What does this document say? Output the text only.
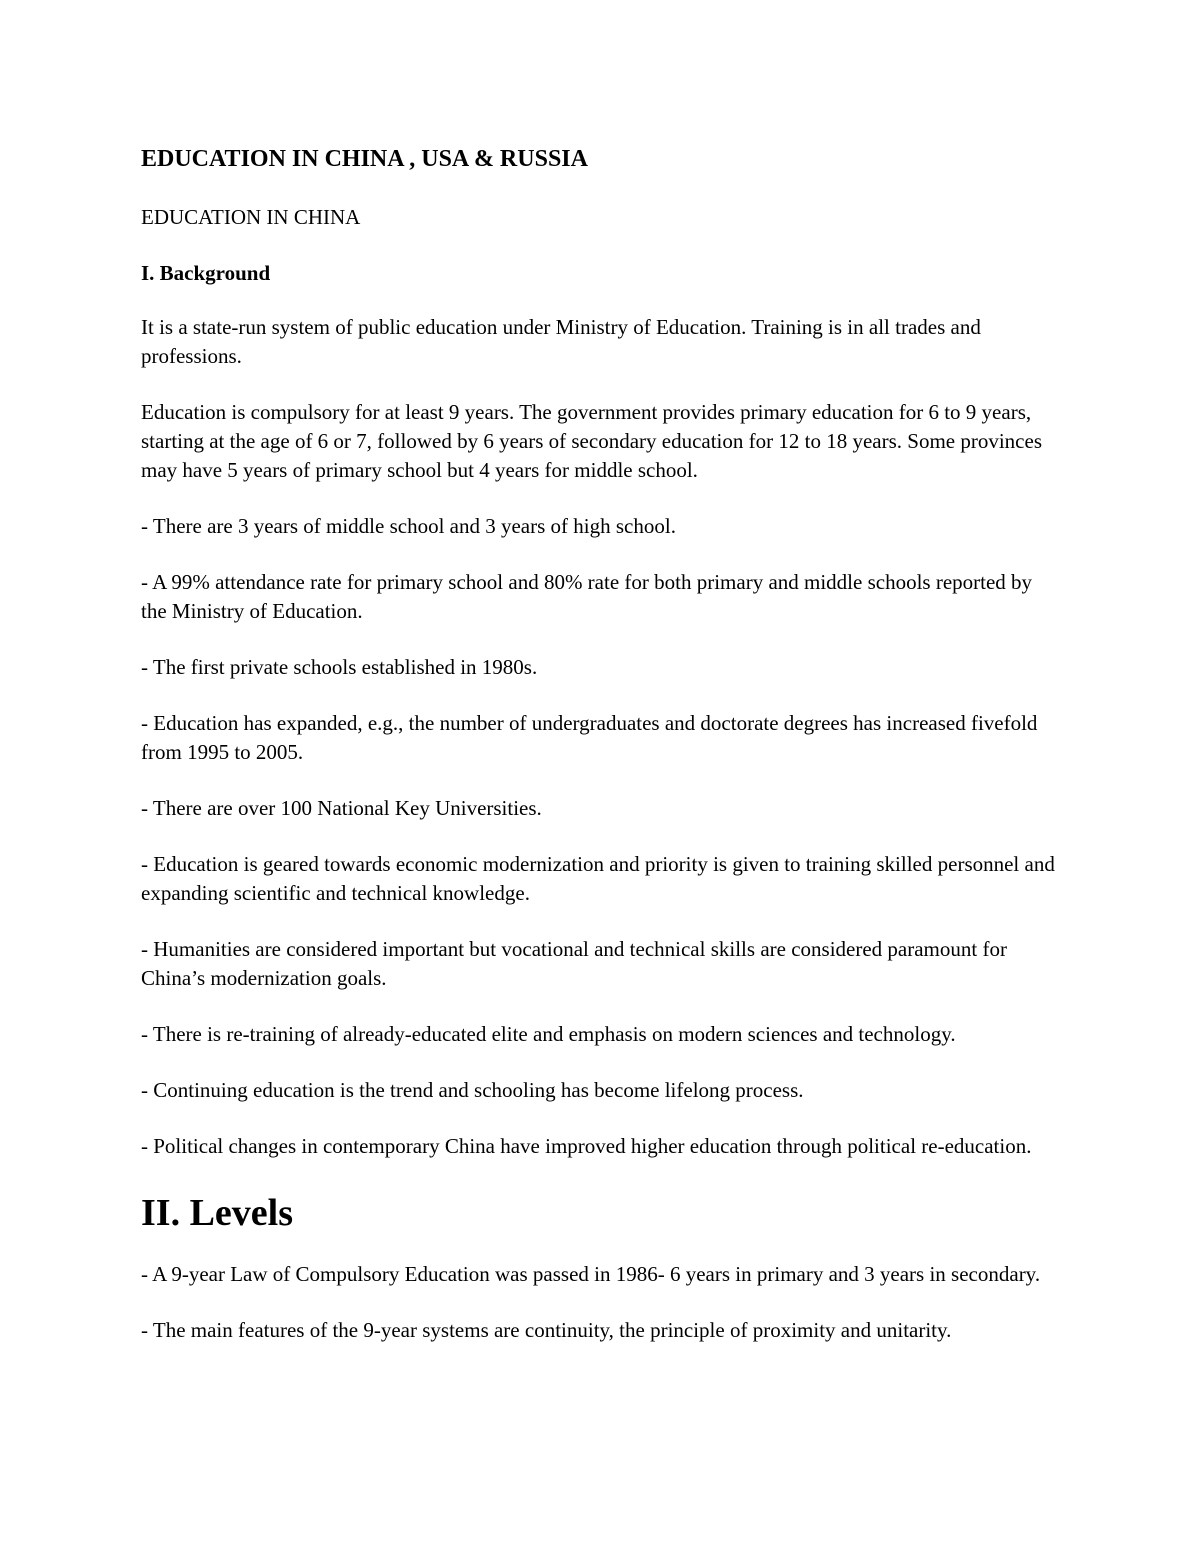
EDUCATION IN CHINA , USA & RUSSIA
EDUCATION IN CHINA
I. Background

It is a state-run system of public education under Ministry of Education. Training is in all trades and professions.

Education is compulsory for at least 9 years. The government provides primary education for 6 to 9 years, starting at the age of 6 or 7, followed by 6 years of secondary education for 12 to 18 years. Some provinces may have 5 years of primary school but 4 years for middle school.

- There are 3 years of middle school and 3 years of high school.

- A 99% attendance rate for primary school and 80% rate for both primary and middle schools reported by the Ministry of Education.

- The first private schools established in 1980s.

- Education has expanded, e.g., the number of undergraduates and doctorate degrees has increased fivefold from 1995 to 2005.

- There are over 100 National Key Universities.

- Education is geared towards economic modernization and priority is given to training skilled personnel and expanding scientific and technical knowledge.

- Humanities are considered important but vocational and technical skills are considered paramount for China’s modernization goals.

- There is re-training of already-educated elite and emphasis on modern sciences and technology.

- Continuing education is the trend and schooling has become lifelong process.

- Political changes in contemporary China have improved higher education through political re-education.

II. Levels

- A 9-year Law of Compulsory Education was passed in 1986- 6 years in primary and 3 years in secondary.

- The main features of the 9-year systems are continuity, the principle of proximity and unitarity.
